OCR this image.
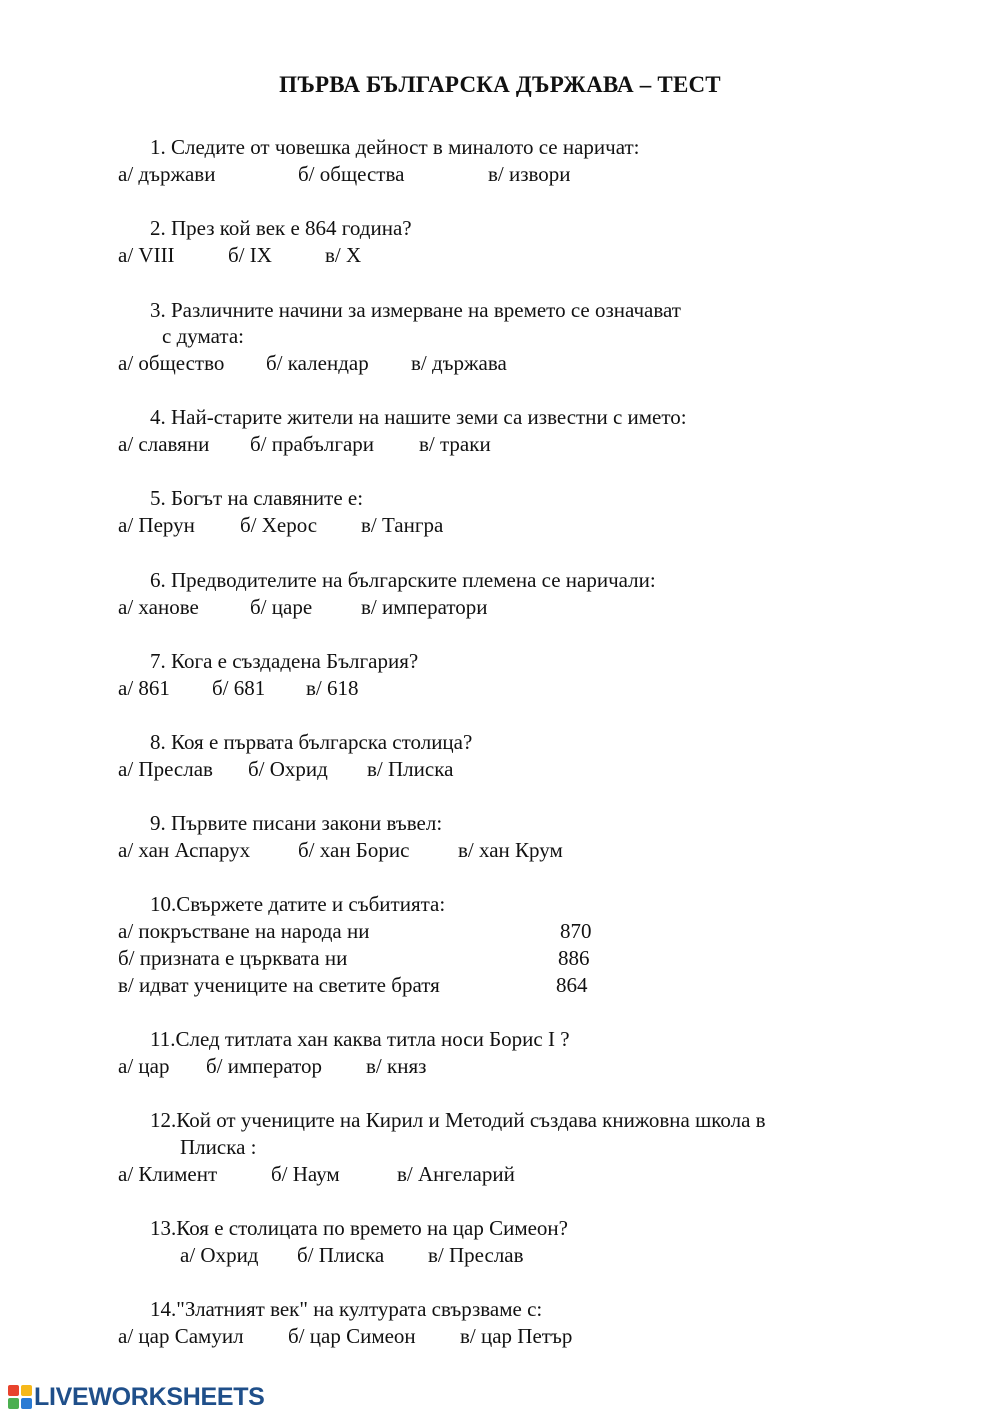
ПЪРВА БЪЛГАРСКА ДЪРЖАВА – ТЕСТ
1. Следите от човешка дейност в миналото се наричат:
а/ държави	б/ общества	в/ извори
2. През кой век е 864 година?
а/ VIII	б/ IX	в/ X
3. Различните начини за измерване на времето се означават
с думата:
а/ общество б/ календар в/ държава
4. Най-старите жители на нашите земи са известни с името:
а/ славяни б/ прабългари в/ траки
5. Богът на славяните е:
а/ Перун б/ Херос в/ Тангра
6. Предводителите на българските племена се наричали:
а/ ханове б/ царе в/ императори
7. Кога е създадена България?
а/ 861 б/ 681 в/ 618
8. Коя е първата българска столица?
а/ Преслав б/ Охрид в/ Плиска
9. Първите писани закони въвел:
а/ хан Аспарух б/ хан Борис в/ хан Крум
10.Свържете датите и събитията:
а/ покръстване на народа ни	870
б/ призната е църквата ни	886
в/ идват учениците на светите братя	864
11.След титлата хан каква титла носи Борис I ?
а/ цар б/ император в/ княз
12.Кой от учениците на Кирил и Методий създава книжовна школа в
Плиска :
а/ Климент	б/ Наум	в/ Ангеларий
13.Коя е столицата по времето на цар Симеон?
а/ Охрид б/ Плиска в/ Преслав
14."Златният век" на културата свързваме с:
а/ цар Самуил б/ цар Симеон в/ цар Петър
LIVEWORKSHEETS
